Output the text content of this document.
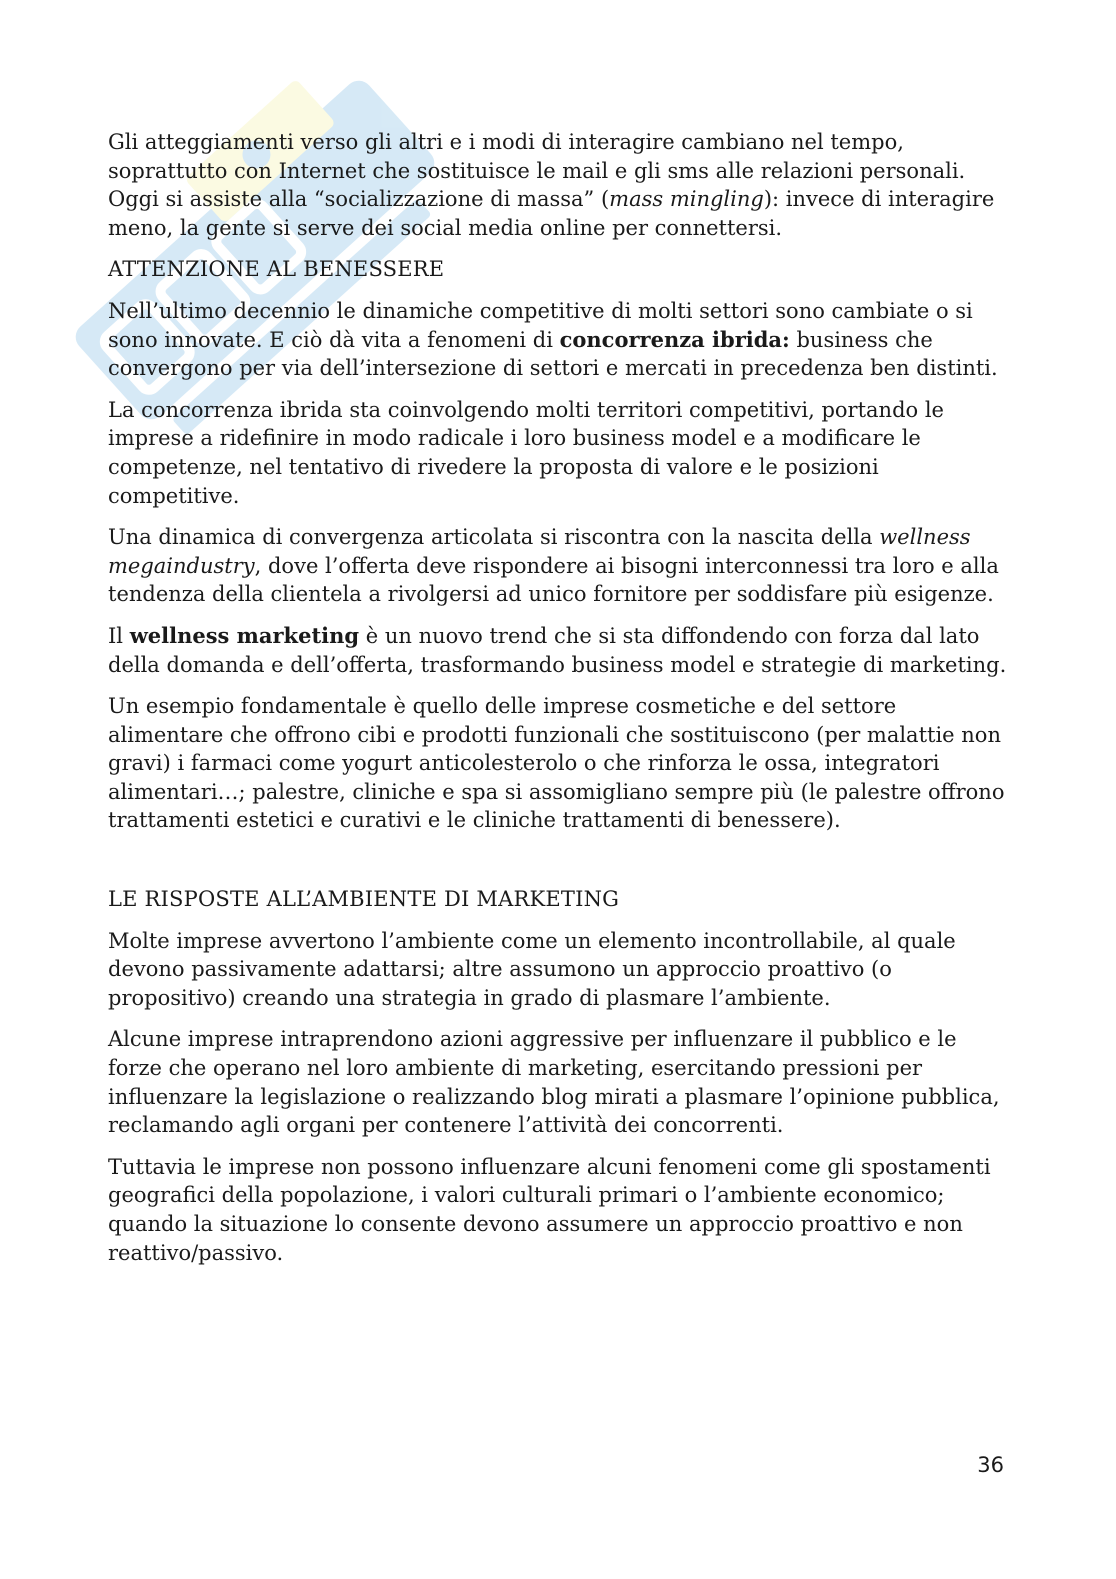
Gli atteggiamenti verso gli altri e i modi di interagire cambiano nel tempo, soprattutto con Internet che sostituisce le mail e gli sms alle relazioni personali. Oggi si assiste alla “socializzazione di massa” (mass mingling): invece di interagire meno, la gente si serve dei social media online per connettersi.

ATTENZIONE AL BENESSERE

Nell’ultimo decennio le dinamiche competitive di molti settori sono cambiate o si sono innovate. E ciò dà vita a fenomeni di concorrenza ibrida: business che convergono per via dell’intersezione di settori e mercati in precedenza ben distinti.

La concorrenza ibrida sta coinvolgendo molti territori competitivi, portando le imprese a ridefinire in modo radicale i loro business model e a modificare le competenze, nel tentativo di rivedere la proposta di valore e le posizioni competitive.

Una dinamica di convergenza articolata si riscontra con la nascita della wellness megaindustry, dove l’offerta deve rispondere ai bisogni interconnessi tra loro e alla tendenza della clientela a rivolgersi ad unico fornitore per soddisfare più esigenze.

Il wellness marketing è un nuovo trend che si sta diffondendo con forza dal lato della domanda e dell’offerta, trasformando business model e strategie di marketing.

Un esempio fondamentale è quello delle imprese cosmetiche e del settore alimentare che offrono cibi e prodotti funzionali che sostituiscono (per malattie non gravi) i farmaci come yogurt anticolesterolo o che rinforza le ossa, integratori alimentari…; palestre, cliniche e spa si assomigliano sempre più (le palestre offrono trattamenti estetici e curativi e le cliniche trattamenti di benessere).

LE RISPOSTE ALL’AMBIENTE DI MARKETING

Molte imprese avvertono l’ambiente come un elemento incontrollabile, al quale devono passivamente adattarsi; altre assumono un approccio proattivo (o propositivo) creando una strategia in grado di plasmare l’ambiente.

Alcune imprese intraprendono azioni aggressive per influenzare il pubblico e le forze che operano nel loro ambiente di marketing, esercitando pressioni per influenzare la legislazione o realizzando blog mirati a plasmare l’opinione pubblica, reclamando agli organi per contenere l’attività dei concorrenti.

Tuttavia le imprese non possono influenzare alcuni fenomeni come gli spostamenti geografici della popolazione, i valori culturali primari o l’ambiente economico; quando la situazione lo consente devono assumere un approccio proattivo e non reattivo/passivo.

36
